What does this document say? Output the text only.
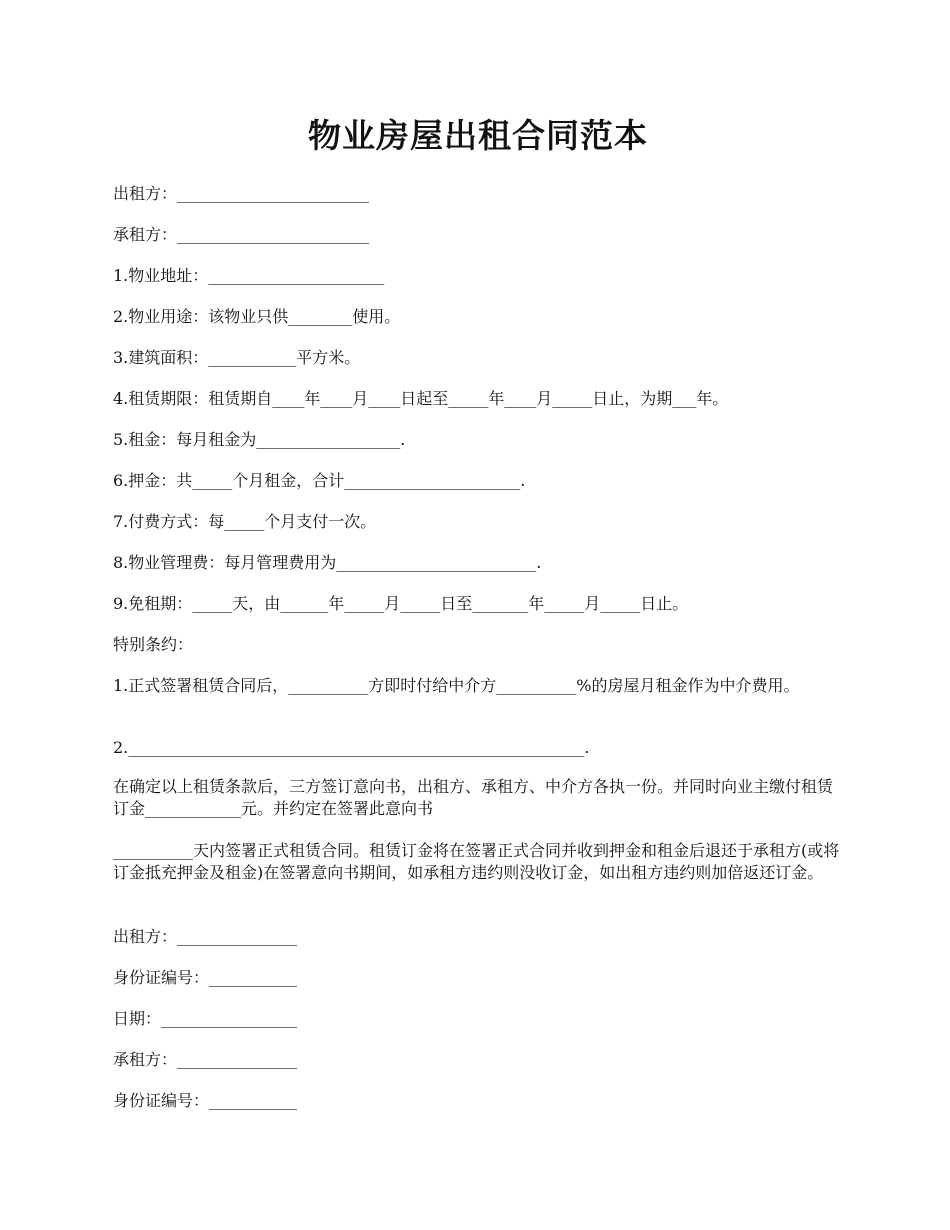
物业房屋出租合同范本

出租方：________________________

承租方：________________________

1.物业地址：______________________

2.物业用途：该物业只供________使用。

3.建筑面积：___________平方米。

4.租赁期限：租赁期自____年____月____日起至_____年____月_____日止，为期___年。

5.租金：每月租金为__________________.

6.押金：共_____个月租金，合计______________________.

7.付费方式：每_____个月支付一次。

8.物业管理费：每月管理费用为_________________________.

9.免租期：_____天，由______年_____月_____日至_______年_____月_____日止。

特别条约：

1.正式签署租赁合同后，__________方即时付给中介方__________%的房屋月租金作为中介费用。

2._________________________________________________________.

在确定以上租赁条款后，三方签订意向书，出租方、承租方、中介方各执一份。并同时向业主缴付租赁订金____________元。并约定在签署此意向书

__________天内签署正式租赁合同。租赁订金将在签署正式合同并收到押金和租金后退还于承租方(或将订金抵充押金及租金)在签署意向书期间，如承租方违约则没收订金，如出租方违约则加倍返还订金。

出租方：_______________

身份证编号：___________

日期：_________________

承租方：_______________

身份证编号：___________
